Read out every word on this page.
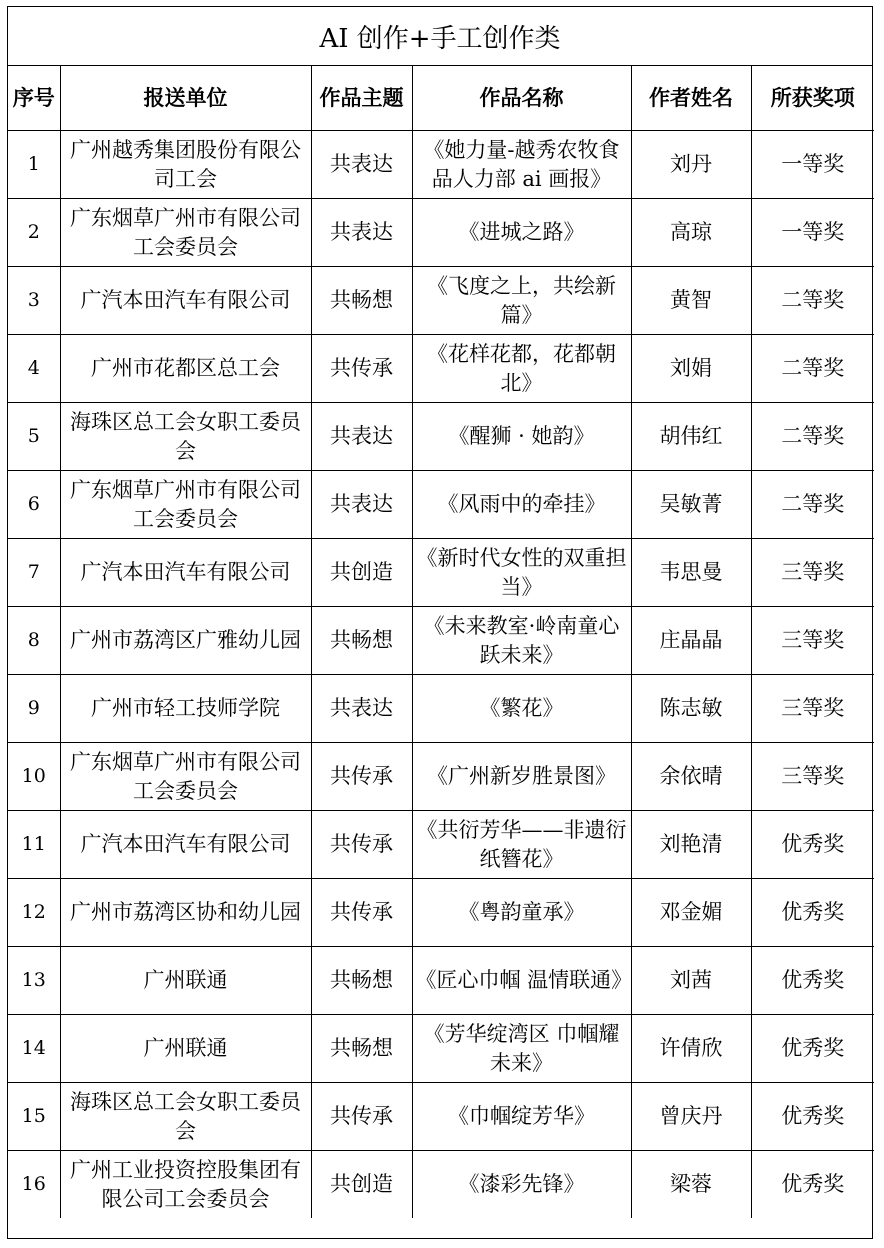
AI 创作+手工创作类
序号	报送单位	作品主题	作品名称	作者姓名	所获奖项
1	广州越秀集团股份有限公司工会	共表达	《她力量-越秀农牧食品人力部 ai 画报》	刘丹	一等奖
2	广东烟草广州市有限公司工会委员会	共表达	《进城之路》	高琼	一等奖
3	广汽本田汽车有限公司	共畅想	《飞度之上，共绘新篇》	黄智	二等奖
4	广州市花都区总工会	共传承	《花样花都，花都朝北》	刘娟	二等奖
5	海珠区总工会女职工委员会	共表达	《醒狮 · 她韵》	胡伟红	二等奖
6	广东烟草广州市有限公司工会委员会	共表达	《风雨中的牵挂》	吴敏菁	二等奖
7	广汽本田汽车有限公司	共创造	《新时代女性的双重担当》	韦思曼	三等奖
8	广州市荔湾区广雅幼儿园	共畅想	《未来教室·岭南童心跃未来》	庄晶晶	三等奖
9	广州市轻工技师学院	共表达	《繁花》	陈志敏	三等奖
10	广东烟草广州市有限公司工会委员会	共传承	《广州新岁胜景图》	余依晴	三等奖
11	广汽本田汽车有限公司	共传承	《共衍芳华——非遗衍纸簪花》	刘艳清	优秀奖
12	广州市荔湾区协和幼儿园	共传承	《粤韵童承》	邓金媚	优秀奖
13	广州联通	共畅想	《匠心巾帼 温情联通》	刘茜	优秀奖
14	广州联通	共畅想	《芳华绽湾区 巾帼耀未来》	许倩欣	优秀奖
15	海珠区总工会女职工委员会	共传承	《巾帼绽芳华》	曾庆丹	优秀奖
16	广州工业投资控股集团有限公司工会委员会	共创造	《漆彩先锋》	梁蓉	优秀奖
